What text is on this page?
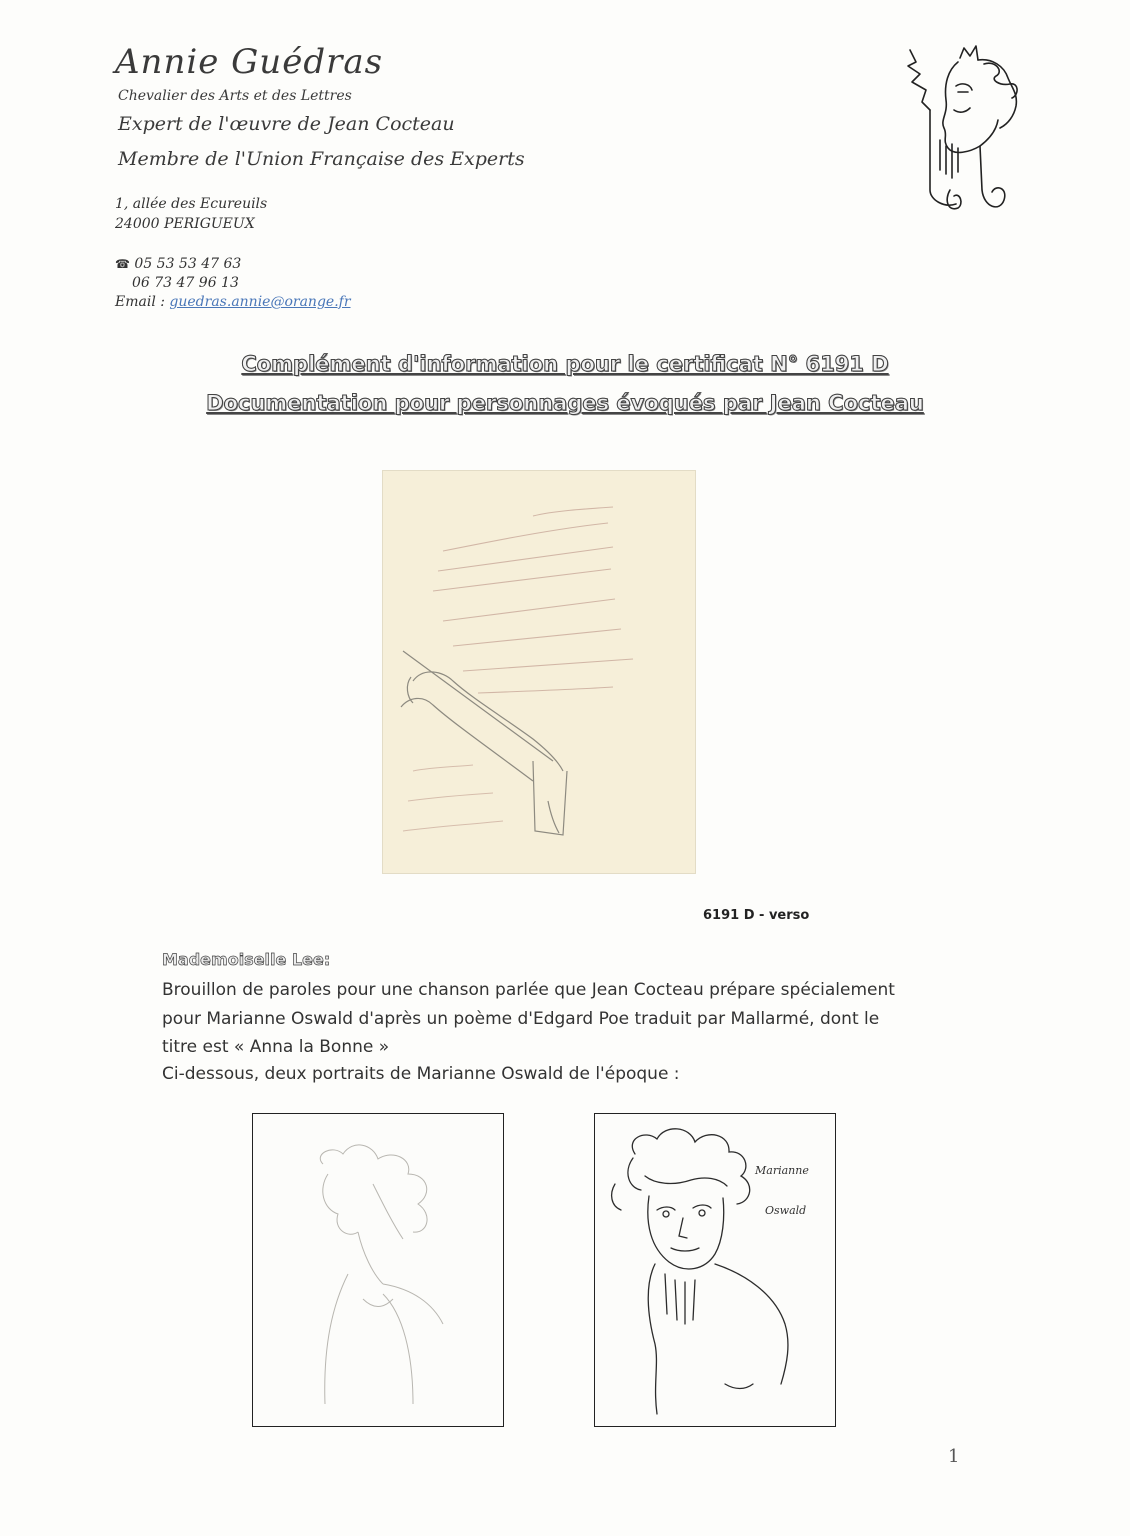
Annie Guédras
Chevalier des Arts et des Lettres
Expert de l'œuvre de Jean Cocteau
Membre de l'Union Française des Experts
1, allée des Ecureuils
24000 PERIGUEUX
☎ 05 53 53 47 63
06 73 47 96 13
Email : guedras.annie@orange.fr
Complément d'information pour le certificat N° 6191 D
Documentation pour personnages évoqués par Jean Cocteau
6191 D - verso
Mademoiselle Lee:
Brouillon de paroles pour une chanson parlée que Jean Cocteau prépare spécialement
pour Marianne Oswald d'après un poème d'Edgard Poe traduit par Mallarmé, dont le
titre est « Anna la Bonne »
Ci-dessous, deux portraits de Marianne Oswald de l'époque :
Marianne
Oswald
1
